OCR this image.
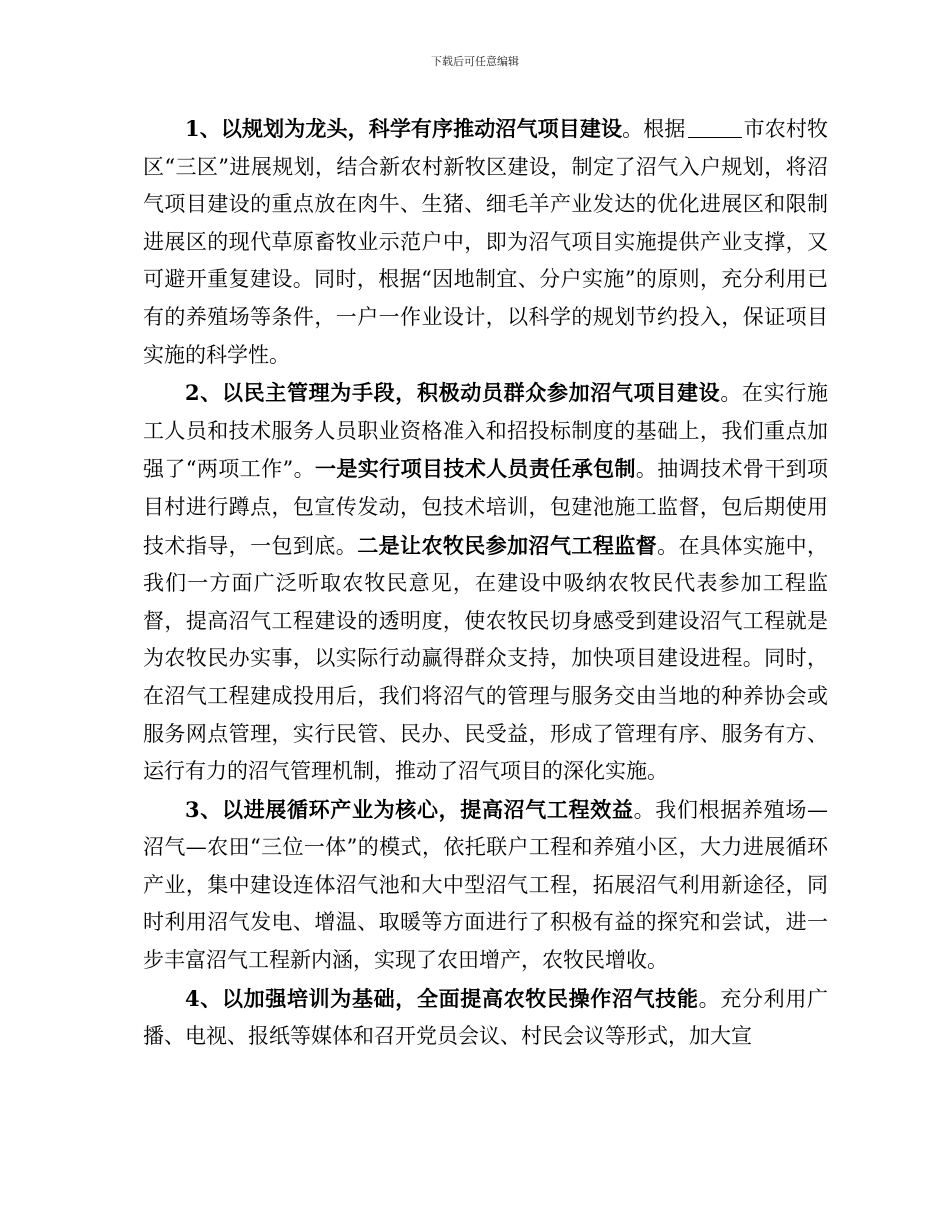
下载后可任意编辑

1、以规划为龙头，科学有序推动沼气项目建设。根据	市农村牧区“三区”进展规划，结合新农村新牧区建设，制定了沼气入户规划，将沼气项目建设的重点放在肉牛、生猪、细毛羊产业发达的优化进展区和限制进展区的现代草原畜牧业示范户中，即为沼气项目实施提供产业支撑，又可避开重复建设。同时，根据“因地制宜、分户实施”的原则，充分利用已有的养殖场等条件，一户一作业设计，以科学的规划节约投入，保证项目实施的科学性。

2、以民主管理为手段，积极动员群众参加沼气项目建设。在实行施工人员和技术服务人员职业资格准入和招投标制度的基础上，我们重点加强了“两项工作”。一是实行项目技术人员责任承包制。抽调技术骨干到项目村进行蹲点，包宣传发动，包技术培训，包建池施工监督，包后期使用技术指导，一包到底。二是让农牧民参加沼气工程监督。在具体实施中，我们一方面广泛听取农牧民意见，在建设中吸纳农牧民代表参加工程监督，提高沼气工程建设的透明度，使农牧民切身感受到建设沼气工程就是为农牧民办实事，以实际行动赢得群众支持，加快项目建设进程。同时，在沼气工程建成投用后，我们将沼气的管理与服务交由当地的种养协会或服务网点管理，实行民管、民办、民受益，形成了管理有序、服务有方、运行有力的沼气管理机制，推动了沼气项目的深化实施。

3、以进展循环产业为核心，提高沼气工程效益。我们根据养殖场—沼气—农田“三位一体”的模式，依托联户工程和养殖小区，大力进展循环产业，集中建设连体沼气池和大中型沼气工程，拓展沼气利用新途径，同时利用沼气发电、增温、取暖等方面进行了积极有益的探究和尝试，进一步丰富沼气工程新内涵，实现了农田增产，农牧民增收。

4、以加强培训为基础，全面提高农牧民操作沼气技能。充分利用广播、电视、报纸等媒体和召开党员会议、村民会议等形式，加大宣
